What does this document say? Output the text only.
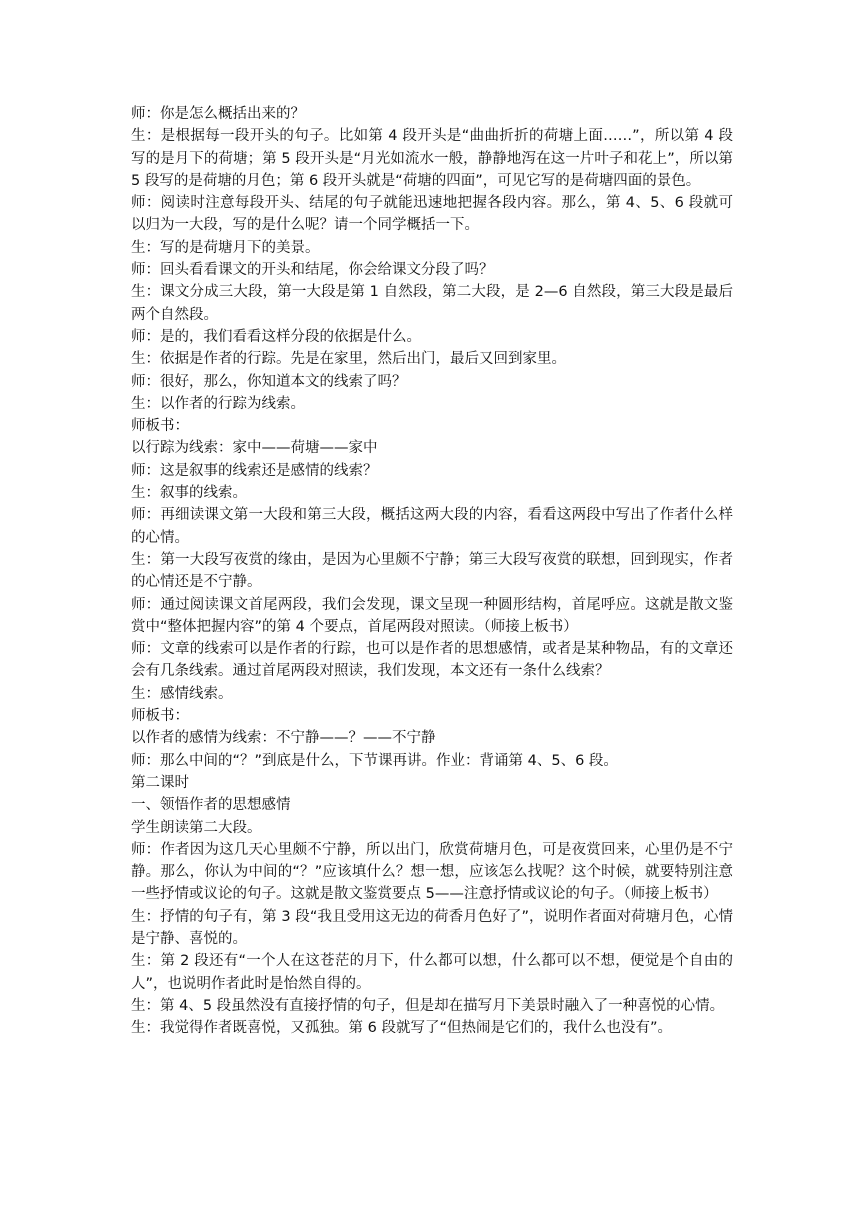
师：你是怎么概括出来的？

生：是根据每一段开头的句子。比如第 4 段开头是“曲曲折折的荷塘上面……”，所以第 4 段写的是月下的荷塘；第 5 段开头是“月光如流水一般，静静地泻在这一片叶子和花上”，所以第 5 段写的是荷塘的月色；第 6 段开头就是“荷塘的四面”，可见它写的是荷塘四面的景色。

师：阅读时注意每段开头、结尾的句子就能迅速地把握各段内容。那么，第 4、5、6 段就可以归为一大段，写的是什么呢？请一个同学概括一下。

生：写的是荷塘月下的美景。

师：回头看看课文的开头和结尾，你会给课文分段了吗？

生：课文分成三大段，第一大段是第 1 自然段，第二大段，是 2—6 自然段，第三大段是最后两个自然段。

师：是的，我们看看这样分段的依据是什么。

生：依据是作者的行踪。先是在家里，然后出门，最后又回到家里。

师：很好，那么，你知道本文的线索了吗？

生：以作者的行踪为线索。

师板书：

以行踪为线索：家中——荷塘——家中

师：这是叙事的线索还是感情的线索？

生：叙事的线索。

师：再细读课文第一大段和第三大段，概括这两大段的内容，看看这两段中写出了作者什么样的心情。

生：第一大段写夜赏的缘由，是因为心里颇不宁静；第三大段写夜赏的联想，回到现实，作者的心情还是不宁静。

师：通过阅读课文首尾两段，我们会发现，课文呈现一种圆形结构，首尾呼应。这就是散文鉴赏中“整体把握内容”的第 4 个要点，首尾两段对照读。（师接上板书）

师：文章的线索可以是作者的行踪，也可以是作者的思想感情，或者是某种物品，有的文章还会有几条线索。通过首尾两段对照读，我们发现，本文还有一条什么线索？

生：感情线索。

师板书：

以作者的感情为线索：不宁静——？——不宁静

师：那么中间的“？”到底是什么，下节课再讲。作业：背诵第 4、5、6 段。

第二课时

一、领悟作者的思想感情

学生朗读第二大段。

师：作者因为这几天心里颇不宁静，所以出门，欣赏荷塘月色，可是夜赏回来，心里仍是不宁静。那么，你认为中间的“？”应该填什么？想一想，应该怎么找呢？这个时候，就要特别注意一些抒情或议论的句子。这就是散文鉴赏要点 5——注意抒情或议论的句子。（师接上板书）

生：抒情的句子有，第 3 段“我且受用这无边的荷香月色好了”，说明作者面对荷塘月色，心情是宁静、喜悦的。

生：第 2 段还有“一个人在这苍茫的月下，什么都可以想，什么都可以不想，便觉是个自由的人”，也说明作者此时是怡然自得的。

生：第 4、5 段虽然没有直接抒情的句子，但是却在描写月下美景时融入了一种喜悦的心情。

生：我觉得作者既喜悦，又孤独。第 6 段就写了“但热闹是它们的，我什么也没有”。
